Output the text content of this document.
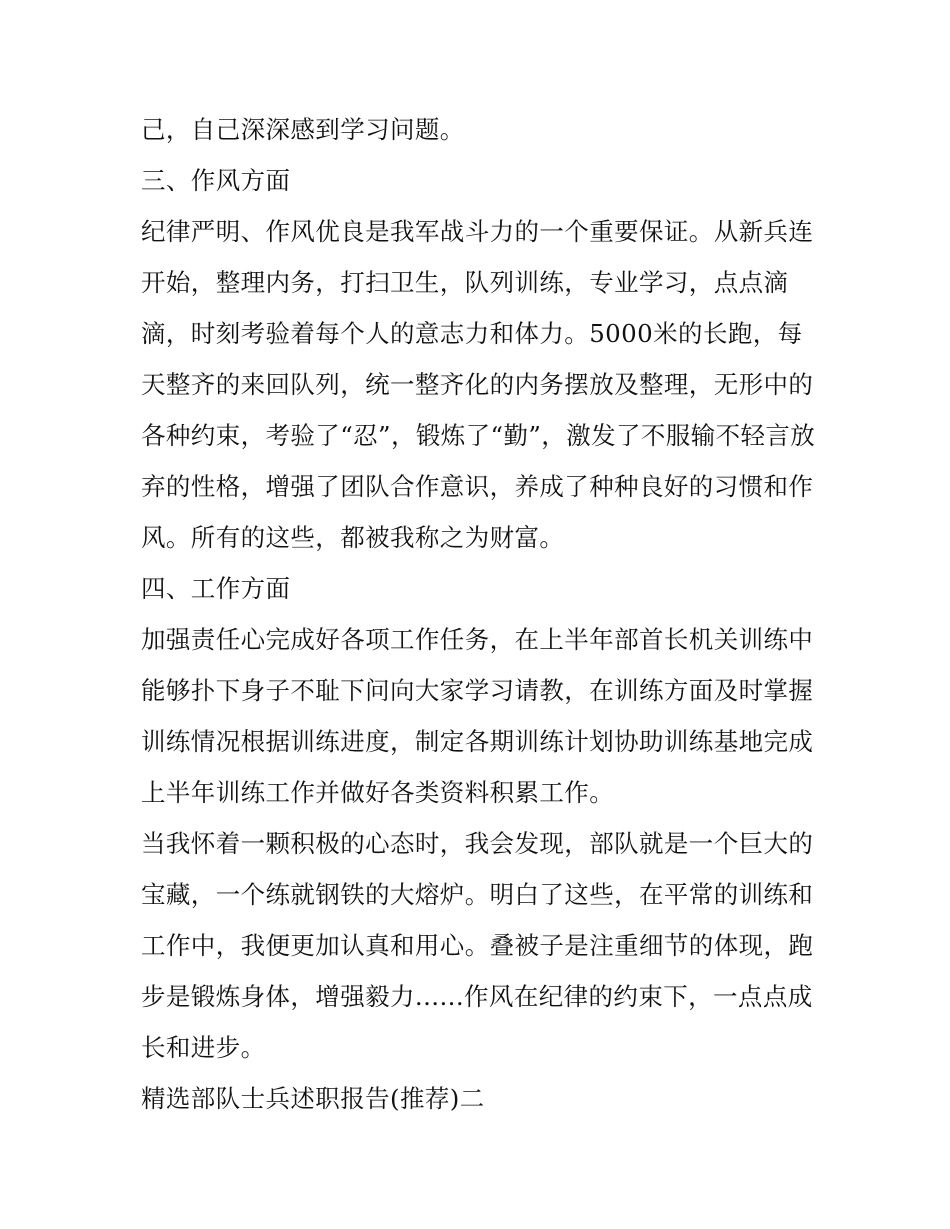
己，自己深深感到学习问题。
三、作风方面
纪律严明、作风优良是我军战斗力的一个重要保证。从新兵连
开始，整理内务，打扫卫生，队列训练，专业学习，点点滴
滴，时刻考验着每个人的意志力和体力。5000米的长跑，每
天整齐的来回队列，统一整齐化的内务摆放及整理，无形中的
各种约束，考验了“忍”，锻炼了“勤”，激发了不服输不轻言放
弃的性格，增强了团队合作意识，养成了种种良好的习惯和作
风。所有的这些，都被我称之为财富。
四、工作方面
加强责任心完成好各项工作任务，在上半年部首长机关训练中
能够扑下身子不耻下问向大家学习请教，在训练方面及时掌握
训练情况根据训练进度，制定各期训练计划协助训练基地完成
上半年训练工作并做好各类资料积累工作。
当我怀着一颗积极的心态时，我会发现，部队就是一个巨大的
宝藏，一个练就钢铁的大熔炉。明白了这些，在平常的训练和
工作中，我便更加认真和用心。叠被子是注重细节的体现，跑
步是锻炼身体，增强毅力......作风在纪律的约束下，一点点成
长和进步。
精选部队士兵述职报告(推荐)二
